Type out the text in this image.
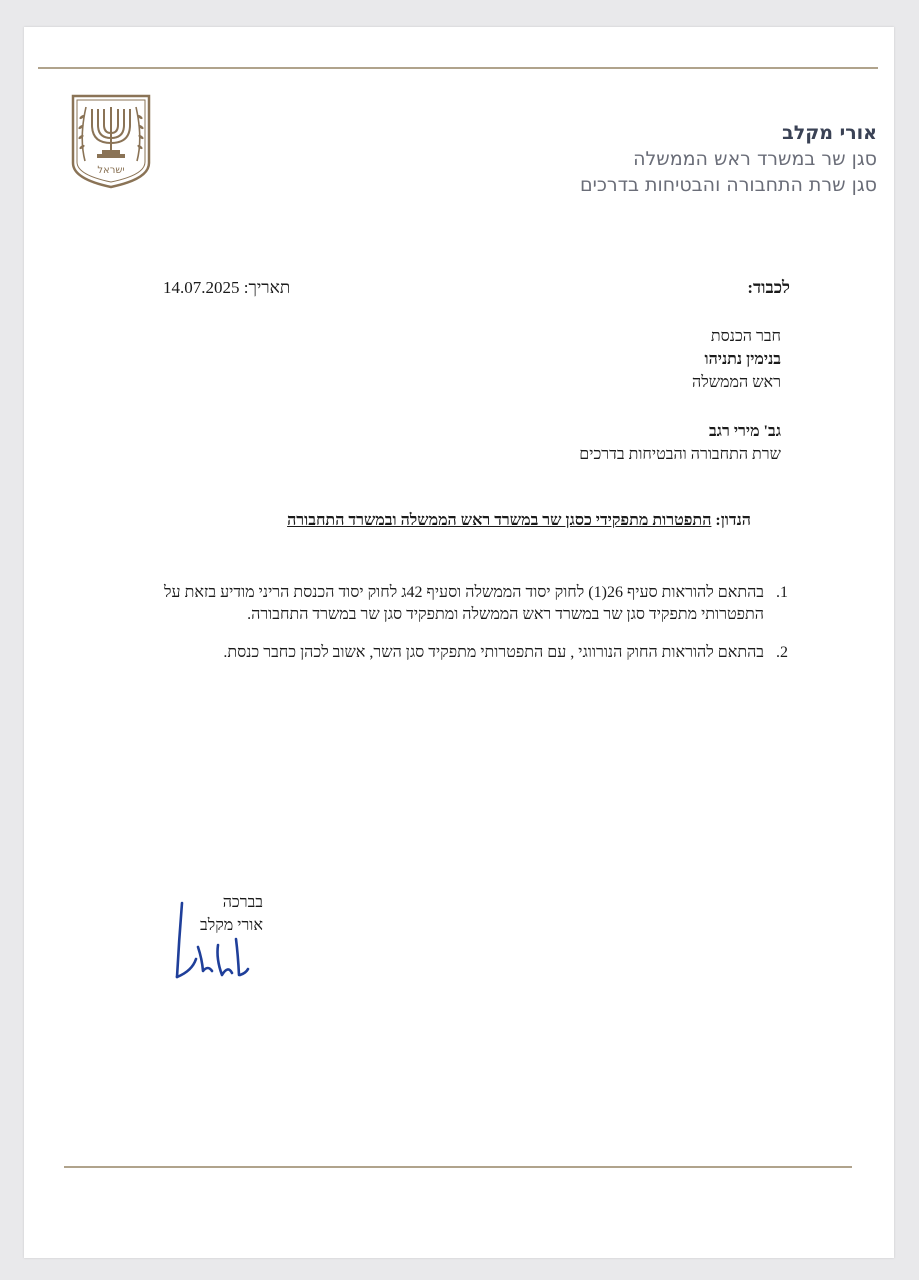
ישראל
אורי מקלב
סגן שר במשרד ראש הממשלה
סגן שרת התחבורה והבטיחות בדרכים
לכבוד:
תאריך: 14.07.2025
חבר הכנסת
בנימין נתניהו
ראש הממשלה
גב' מירי רגב
שרת התחבורה והבטיחות בדרכים
הנדון: התפטרות מתפקידי כסגן שר במשרד ראש הממשלה ובמשרד התחבורה
1.
בהתאם להוראות סעיף 26(1) לחוק יסוד הממשלה וסעיף 42ג לחוק יסוד הכנסת הריני מודיע בזאת על התפטרותי מתפקיד סגן שר במשרד ראש הממשלה ומתפקיד סגן שר במשרד התחבורה.
2.
בהתאם להוראות החוק הנורווגי , עם התפטרותי מתפקיד סגן השר, אשוב לכהן כחבר כנסת.
בברכה
אורי מקלב
